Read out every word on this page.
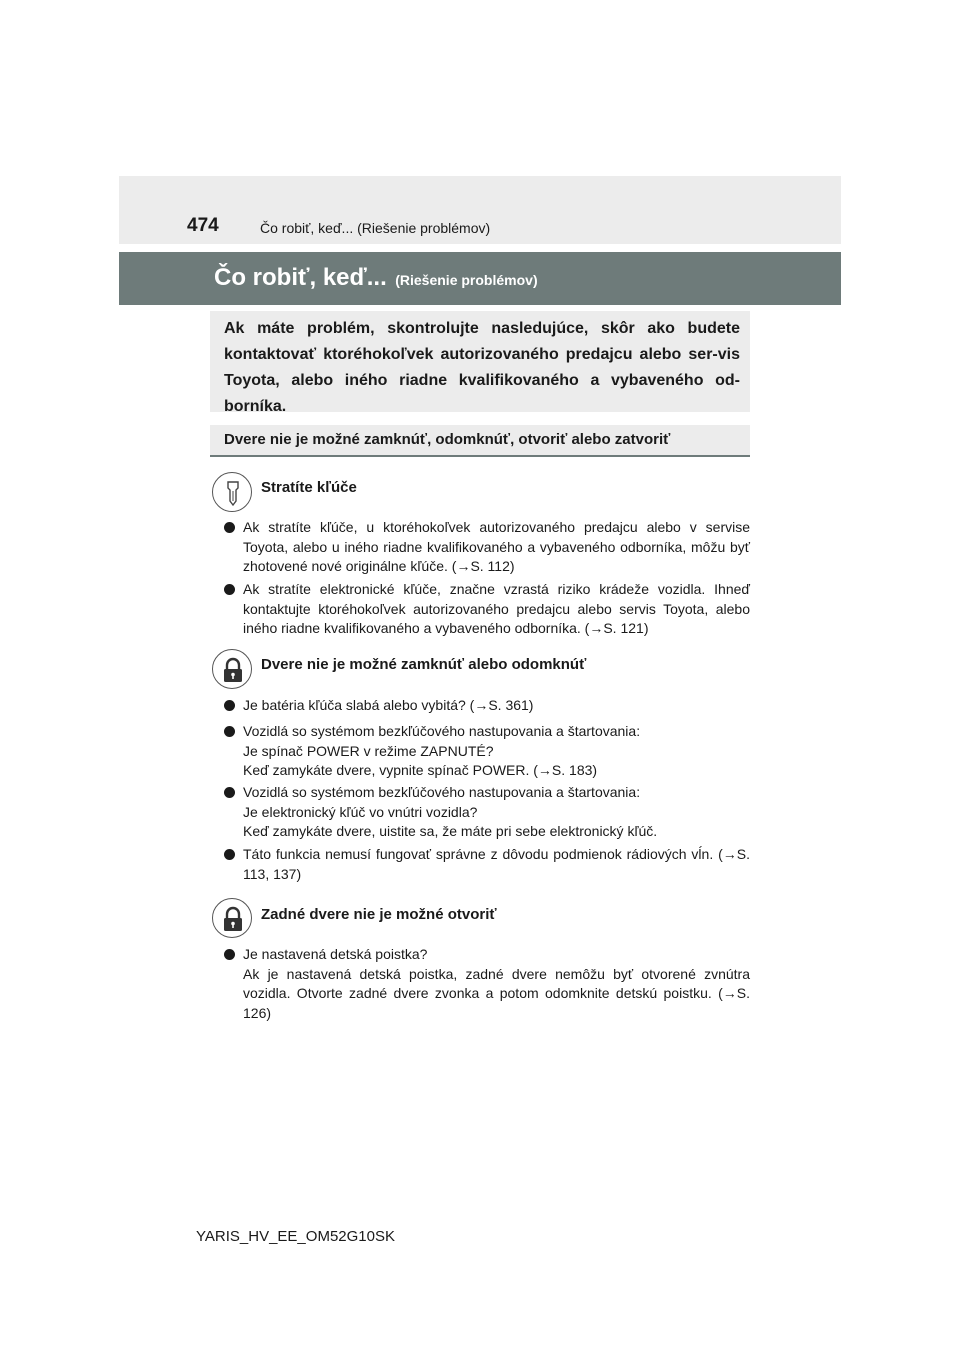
474	Čo robiť, keď... (Riešenie problémov)
Čo robiť, keď... (Riešenie problémov)

Ak máte problém, skontrolujte nasledujúce, skôr ako budete kontaktovať ktoréhokoľvek autorizovaného predajcu alebo ser-vis Toyota, alebo iného riadne kvalifikovaného a vybaveného od-borníka.

Dvere nie je možné zamknúť, odomknúť, otvoriť alebo zatvoriť
Stratíte kľúče
Ak stratíte kľúče, u ktoréhokoľvek autorizovaného predajcu alebo v servise Toyota, alebo u iného riadne kvalifikovaného a vybaveného odborníka, môžu byť zhotovené nové originálne kľúče. (→S. 112)
Ak stratíte elektronické kľúče, značne vzrastá riziko krádeže vozidla. Ihneď kontaktujte ktoréhokoľvek autorizovaného predajcu alebo servis Toyota, alebo iného riadne kvalifikovaného a vybaveného odborníka. (→S. 121)
Dvere nie je možné zamknúť alebo odomknúť
Je batéria kľúča slabá alebo vybitá? (→S. 361)
Vozidlá so systémom bezkľúčového nastupovania a štartovania:
Je spínač POWER v režime ZAPNUTÉ?
Keď zamykáte dvere, vypnite spínač POWER. (→S. 183)
Vozidlá so systémom bezkľúčového nastupovania a štartovania:
Je elektronický kľúč vo vnútri vozidla?
Keď zamykáte dvere, uistite sa, že máte pri sebe elektronický kľúč.
Táto funkcia nemusí fungovať správne z dôvodu podmienok rádiových vĺn. (→S. 113, 137)
Zadné dvere nie je možné otvoriť
Je nastavená detská poistka?
Ak je nastavená detská poistka, zadné dvere nemôžu byť otvorené zvnútra vozidla. Otvorte zadné dvere zvonka a potom odomknite detskú poistku. (→S. 126)
YARIS_HV_EE_OM52G10SK
